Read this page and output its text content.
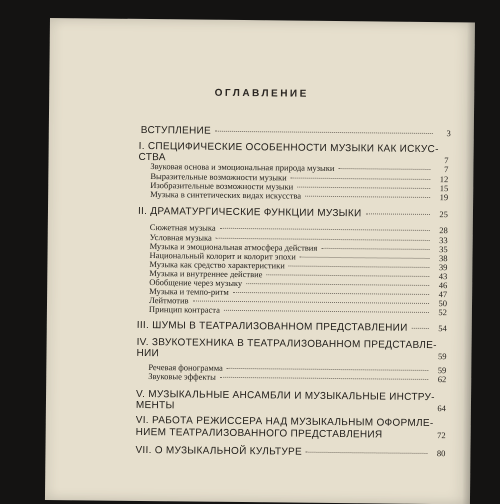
ОГЛАВЛЕНИЕ
ВСТУПЛЕНИЕ	3
I. СПЕЦИФИЧЕСКИЕ ОСОБЕННОСТИ МУЗЫКИ КАК ИСКУС-
СТВА	7
Звуковая основа и эмоциональная природа музыки	7
Выразительные возможности музыки	12
Изобразительные возможности музыки	15
Музыка в синтетических видах искусства	19
II. ДРАМАТУРГИЧЕСКИЕ ФУНКЦИИ МУЗЫКИ	25
Сюжетная музыка	28
Условная музыка	33
Музыка и эмоциональная атмосфера действия	35
Национальный колорит и колорит эпохи	38
Музыка как средство характеристики	39
Музыка и внутреннее действие	43
Обобщение через музыку	46
Музыка и темпо-ритм	47
Лейтмотив	50
Принцип контраста	52
III. ШУМЫ В ТЕАТРАЛИЗОВАННОМ ПРЕДСТАВЛЕНИИ	54
IV. ЗВУКОТЕХНИКА В ТЕАТРАЛИЗОВАННОМ ПРЕДСТАВЛЕ-
НИИ	59
Речевая фонограмма	59
Звуковые эффекты	62
V. МУЗЫКАЛЬНЫЕ АНСАМБЛИ И МУЗЫКАЛЬНЫЕ ИНСТРУ-
МЕНТЫ	64
VI. РАБОТА РЕЖИССЕРА НАД МУЗЫКАЛЬНЫМ ОФОРМЛЕ-
НИЕМ ТЕАТРАЛИЗОВАННОГО ПРЕДСТАВЛЕНИЯ	72
VII. О МУЗЫКАЛЬНОЙ КУЛЬТУРЕ	80
